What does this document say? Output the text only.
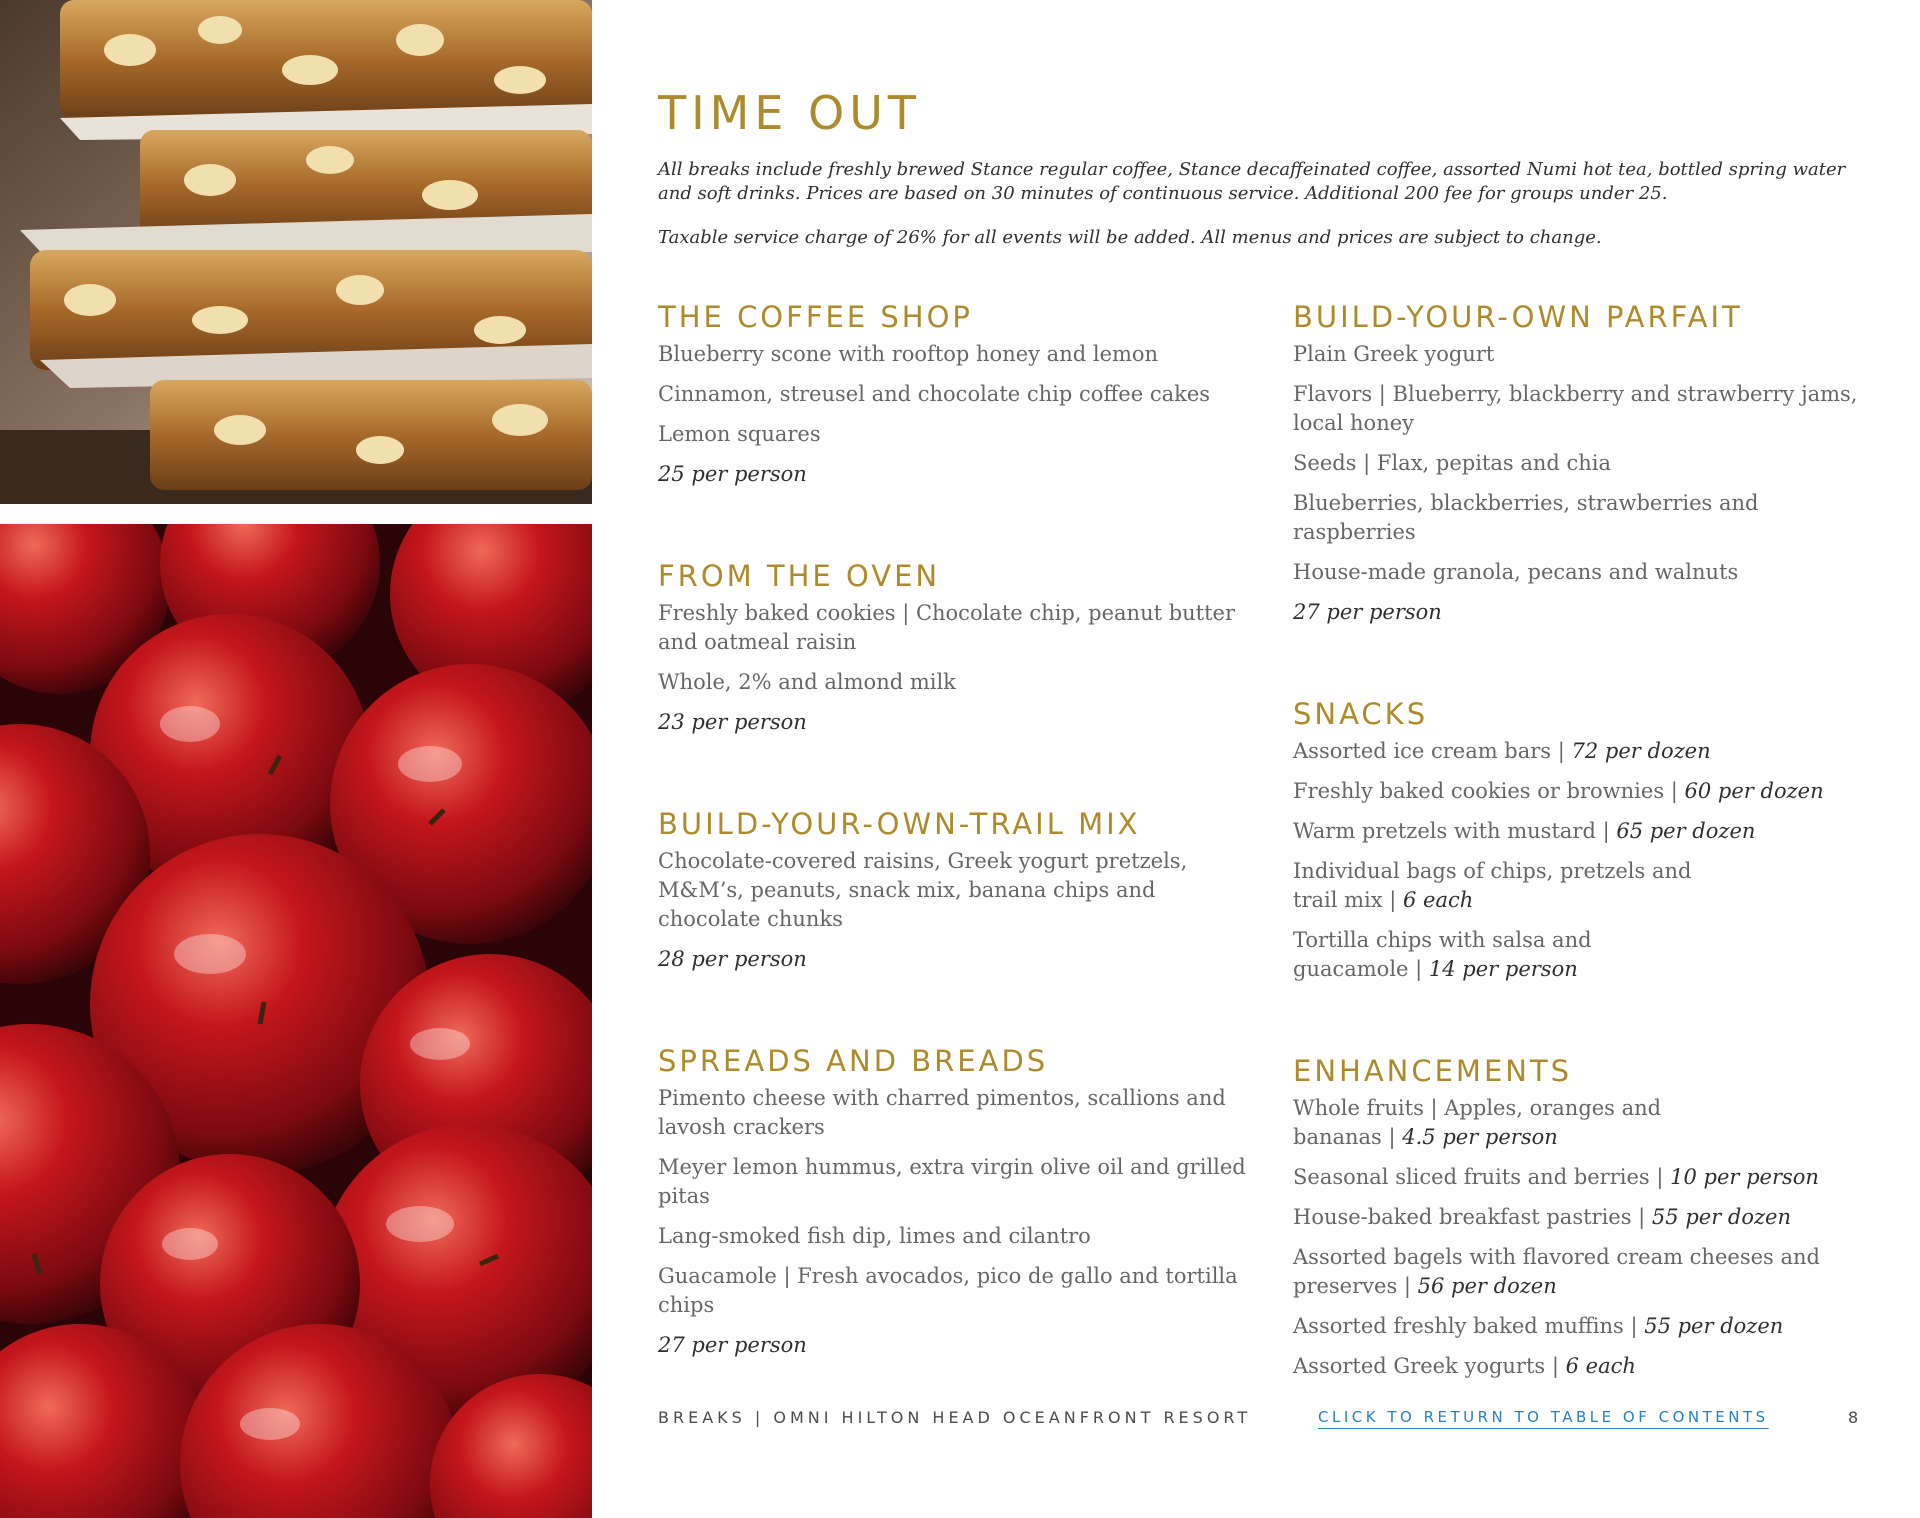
TIME OUT

All breaks include freshly brewed Stance regular coffee, Stance decaffeinated coffee, assorted Numi hot tea, bottled spring water and soft drinks. Prices are based on 30 minutes of continuous service. Additional 200 fee for groups under 25.

Taxable service charge of 26% for all events will be added. All menus and prices are subject to change.

THE COFFEE SHOP

Blueberry scone with rooftop honey and lemon

Cinnamon, streusel and chocolate chip coffee cakes

Lemon squares

25 per person

FROM THE OVEN

Freshly baked cookies | Chocolate chip, peanut butter and oatmeal raisin

Whole, 2% and almond milk

23 per person

BUILD-YOUR-OWN-TRAIL MIX

Chocolate-covered raisins, Greek yogurt pretzels, M&M’s, peanuts, snack mix, banana chips and chocolate chunks

28 per person

SPREADS AND BREADS

Pimento cheese with charred pimentos, scallions and lavosh crackers

Meyer lemon hummus, extra virgin olive oil and grilled pitas

Lang-smoked fish dip, limes and cilantro

Guacamole | Fresh avocados, pico de gallo and tortilla chips

27 per person

BUILD-YOUR-OWN PARFAIT

Plain Greek yogurt

Flavors | Blueberry, blackberry and strawberry jams, local honey

Seeds | Flax, pepitas and chia

Blueberries, blackberries, strawberries and raspberries

House-made granola, pecans and walnuts

27 per person

SNACKS

Assorted ice cream bars | 72 per dozen

Freshly baked cookies or brownies | 60 per dozen

Warm pretzels with mustard | 65 per dozen

Individual bags of chips, pretzels and trail mix | 6 each

Tortilla chips with salsa and guacamole | 14 per person

ENHANCEMENTS

Whole fruits | Apples, oranges and bananas | 4.5 per person

Seasonal sliced fruits and berries | 10 per person

House-baked breakfast pastries | 55 per dozen

Assorted bagels with flavored cream cheeses and preserves | 56 per dozen

Assorted freshly baked muffins | 55 per dozen

Assorted Greek yogurts | 6 each

BREAKS | OMNI HILTON HEAD OCEANFRONT RESORT	CLICK TO RETURN TO TABLE OF CONTENTS	8
